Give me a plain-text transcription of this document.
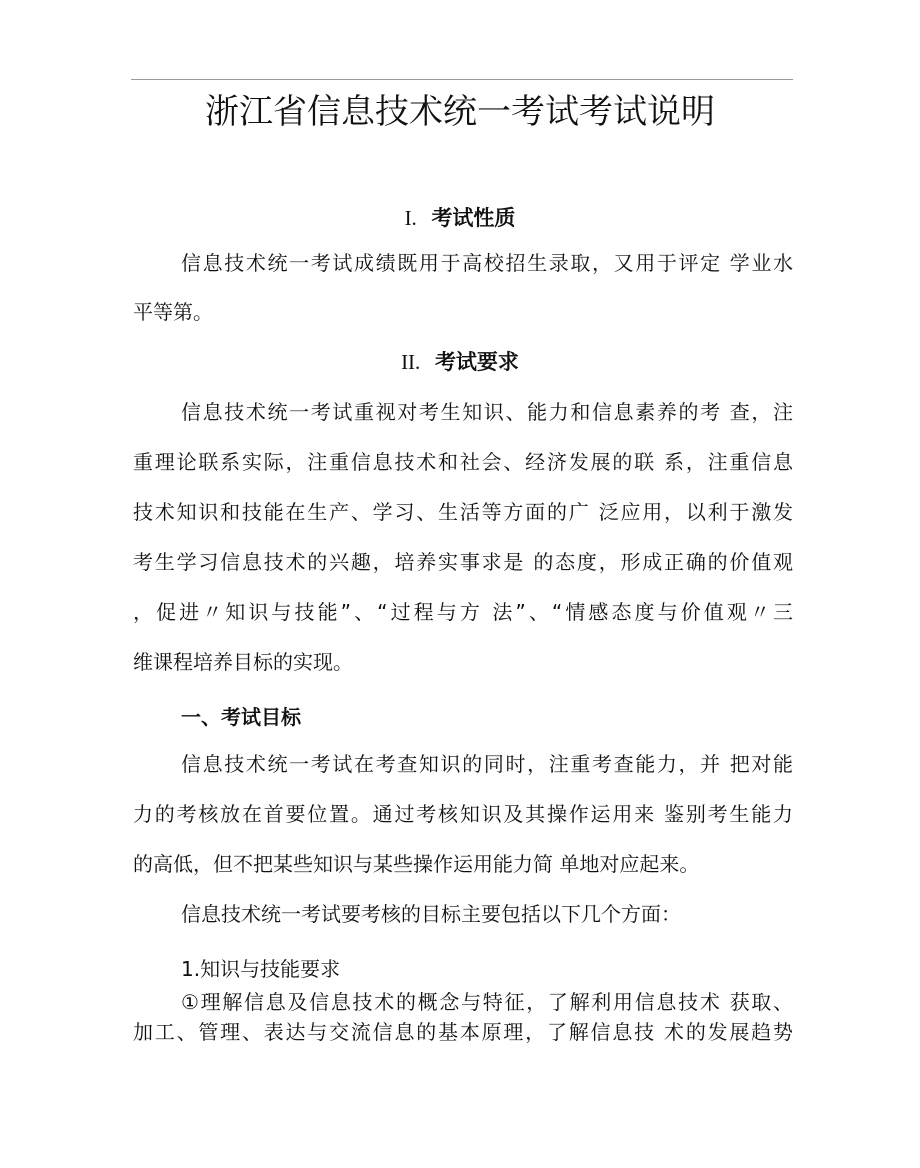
浙江省信息技术统一考试考试说明
I. 考试性质
信息技术统一考试成绩既用于高校招生录取，又用于评定 学业水
平等第。
II. 考试要求
信息技术统一考试重视对考生知识、能力和信息素养的考 查，注
重理论联系实际，注重信息技术和社会、经济发展的联 系，注重信息
技术知识和技能在生产、学习、生活等方面的广 泛应用，以利于激发
考生学习信息技术的兴趣，培养实事求是 的态度，形成正确的价值观
，促进〃知识与技能”、“过程与方 法”、“情感态度与价值观〃三
维课程培养目标的实现。
一、考试目标
信息技术统一考试在考查知识的同时，注重考查能力，并 把对能
力的考核放在首要位置。通过考核知识及其操作运用来 鉴别考生能力
的高低，但不把某些知识与某些操作运用能力简 单地对应起来。
信息技术统一考试要考核的目标主要包括以下几个方面：
1.知识与技能要求
①理解信息及信息技术的概念与特征，了解利用信息技术 获取、
加工、管理、表达与交流信息的基本原理，了解信息技 术的发展趋势
